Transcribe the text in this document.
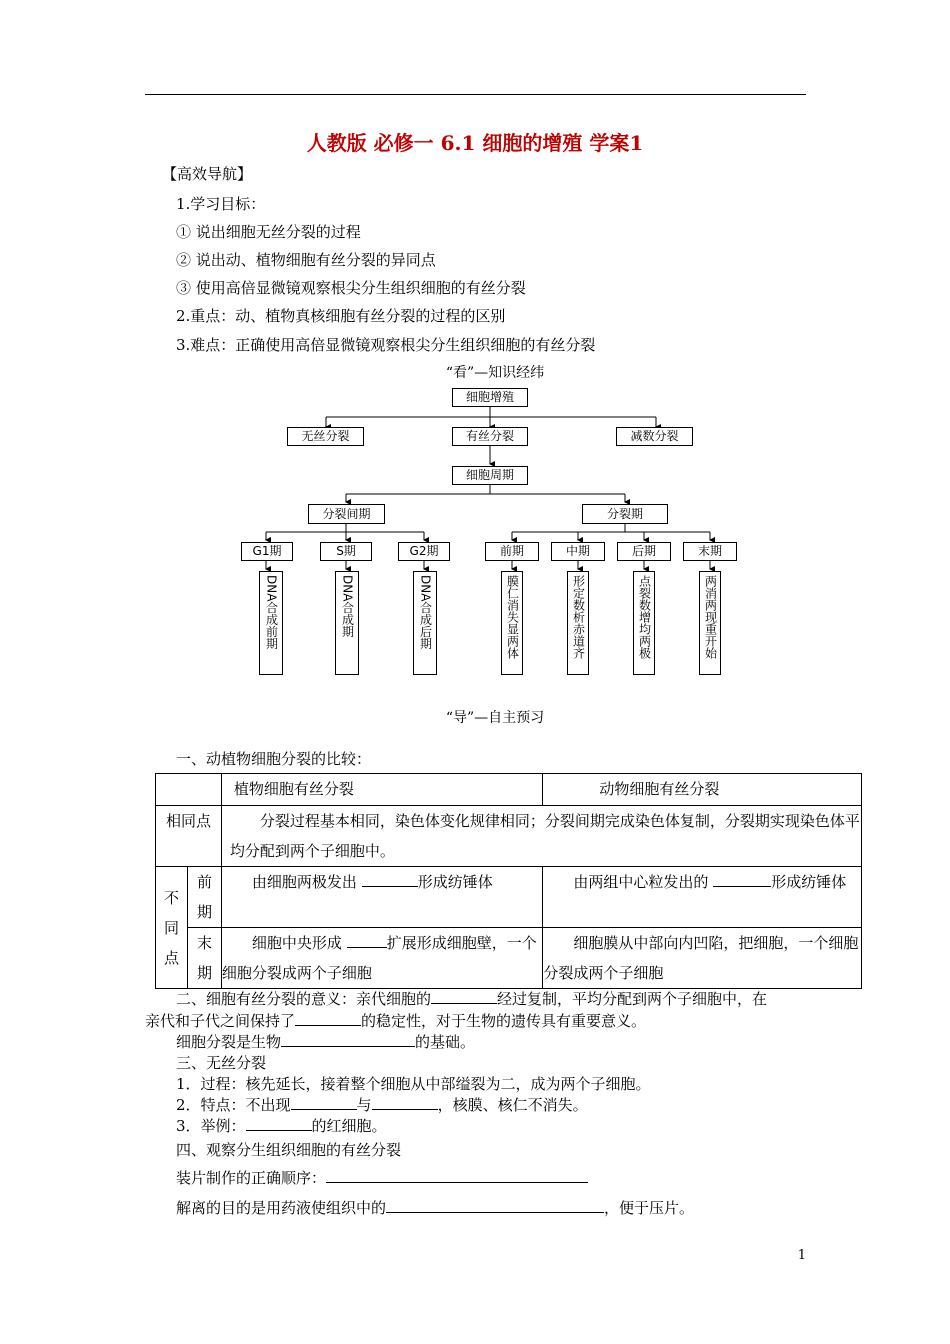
人教版 必修一 6.1 细胞的增殖 学案1
【高效导航】
1.学习目标：
① 说出细胞无丝分裂的过程
② 说出动、植物细胞有丝分裂的异同点
③ 使用高倍显微镜观察根尖分生组织细胞的有丝分裂
2.重点：动、植物真核细胞有丝分裂的过程的区别
3.难点：正确使用高倍显微镜观察根尖分生组织细胞的有丝分裂
“看”—知识经纬
细胞增殖
无丝分裂	有丝分裂	减数分裂
细胞周期
分裂间期	分裂期
G1期	S期	G2期	前期	中期	后期	末期
DNA合成前期	DNA合成期	DNA合成后期	膜仁消失显两体	形定数析赤道齐	点裂数增均两极	两消两现重开始
“导”—自主预习
一、动植物细胞分裂的比较：
		植物细胞有丝分裂	动物细胞有丝分裂
相同点		分裂过程基本相同，染色体变化规律相同；分裂间期完成染色体复制，分裂期实现染色体平均分配到两个子细胞中。	

不同点	前期	由细胞两极发出 形成纺锤体	由两组中心粒发出的 形成纺锤体

	末期	细胞中央形成 扩展形成细胞壁，一个细胞分裂成两个子细胞	细胞膜从中部向内凹陷，把细胞，一个细胞分裂成两个子细胞
二、细胞有丝分裂的意义：亲代细胞的	经过复制，平均分配到两个子细胞中，在
亲代和子代之间保持了	的稳定性，对于生物的遗传具有重要意义。
细胞分裂是生物	的基础。
三、无丝分裂
1．过程：核先延长，接着整个细胞从中部缢裂为二，成为两个子细胞。
2．特点：不出现	与	，核膜、核仁不消失。
3．举例：	的红细胞。
四、观察分生组织细胞的有丝分裂
装片制作的正确顺序：
解离的目的是用药液使组织中的	，便于压片。
1
